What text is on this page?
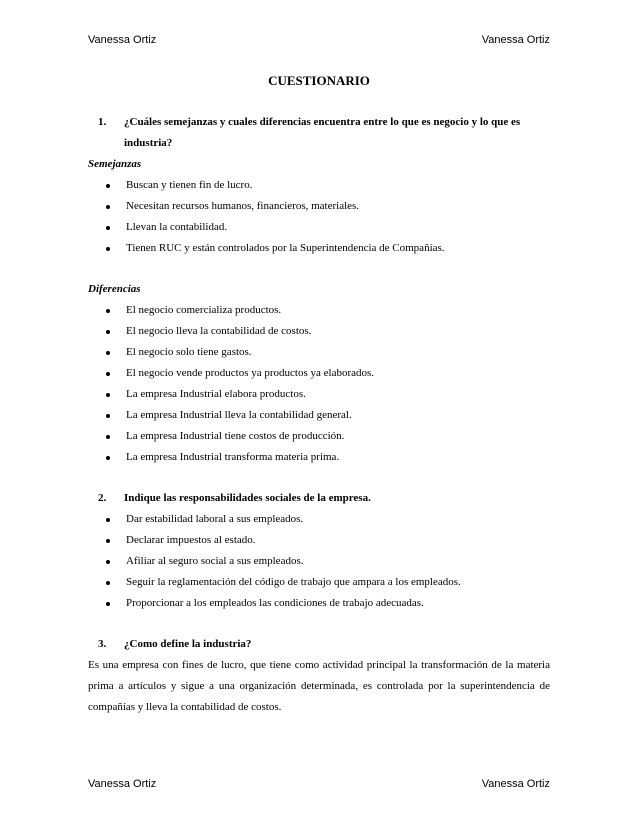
Vanessa Ortiz	Vanessa Ortiz
CUESTIONARIO
1.	¿Cuáles semejanzas y cuales diferencias encuentra entre lo que es negocio y lo que es industria?
Semejanzas
Buscan y tienen fin de lucro.
Necesitan recursos humanos, financieros, materiales.
Llevan la contabilidad.
Tienen RUC y están controlados por la Superintendencia de Compañías.
Diferencias
El negocio comercializa productos.
El negocio lleva la contabilidad de costos.
El negocio solo tiene gastos.
El negocio vende productos ya productos ya elaborados.
La empresa Industrial elabora productos.
La empresa Industrial lleva la contabilidad general.
La empresa Industrial tiene costos de producción.
La empresa Industrial transforma materia prima.
2.	Indique las responsabilidades sociales de la empresa.
Dar estabilidad laboral a sus empleados.
Declarar impuestos al estado.
Afiliar al seguro social a sus empleados.
Seguir la reglamentación del código de trabajo que ampara a los empleados.
Proporcionar a los empleados las condiciones de trabajo adecuadas.
3.	¿Como define la industria?
Es una empresa con fines de lucro, que tiene como actividad principal la transformación de la materia prima a artículos y sigue a una organización determinada, es controlada por la superintendencia de compañías y lleva la contabilidad de costos.
Vanessa Ortiz	Vanessa Ortiz
